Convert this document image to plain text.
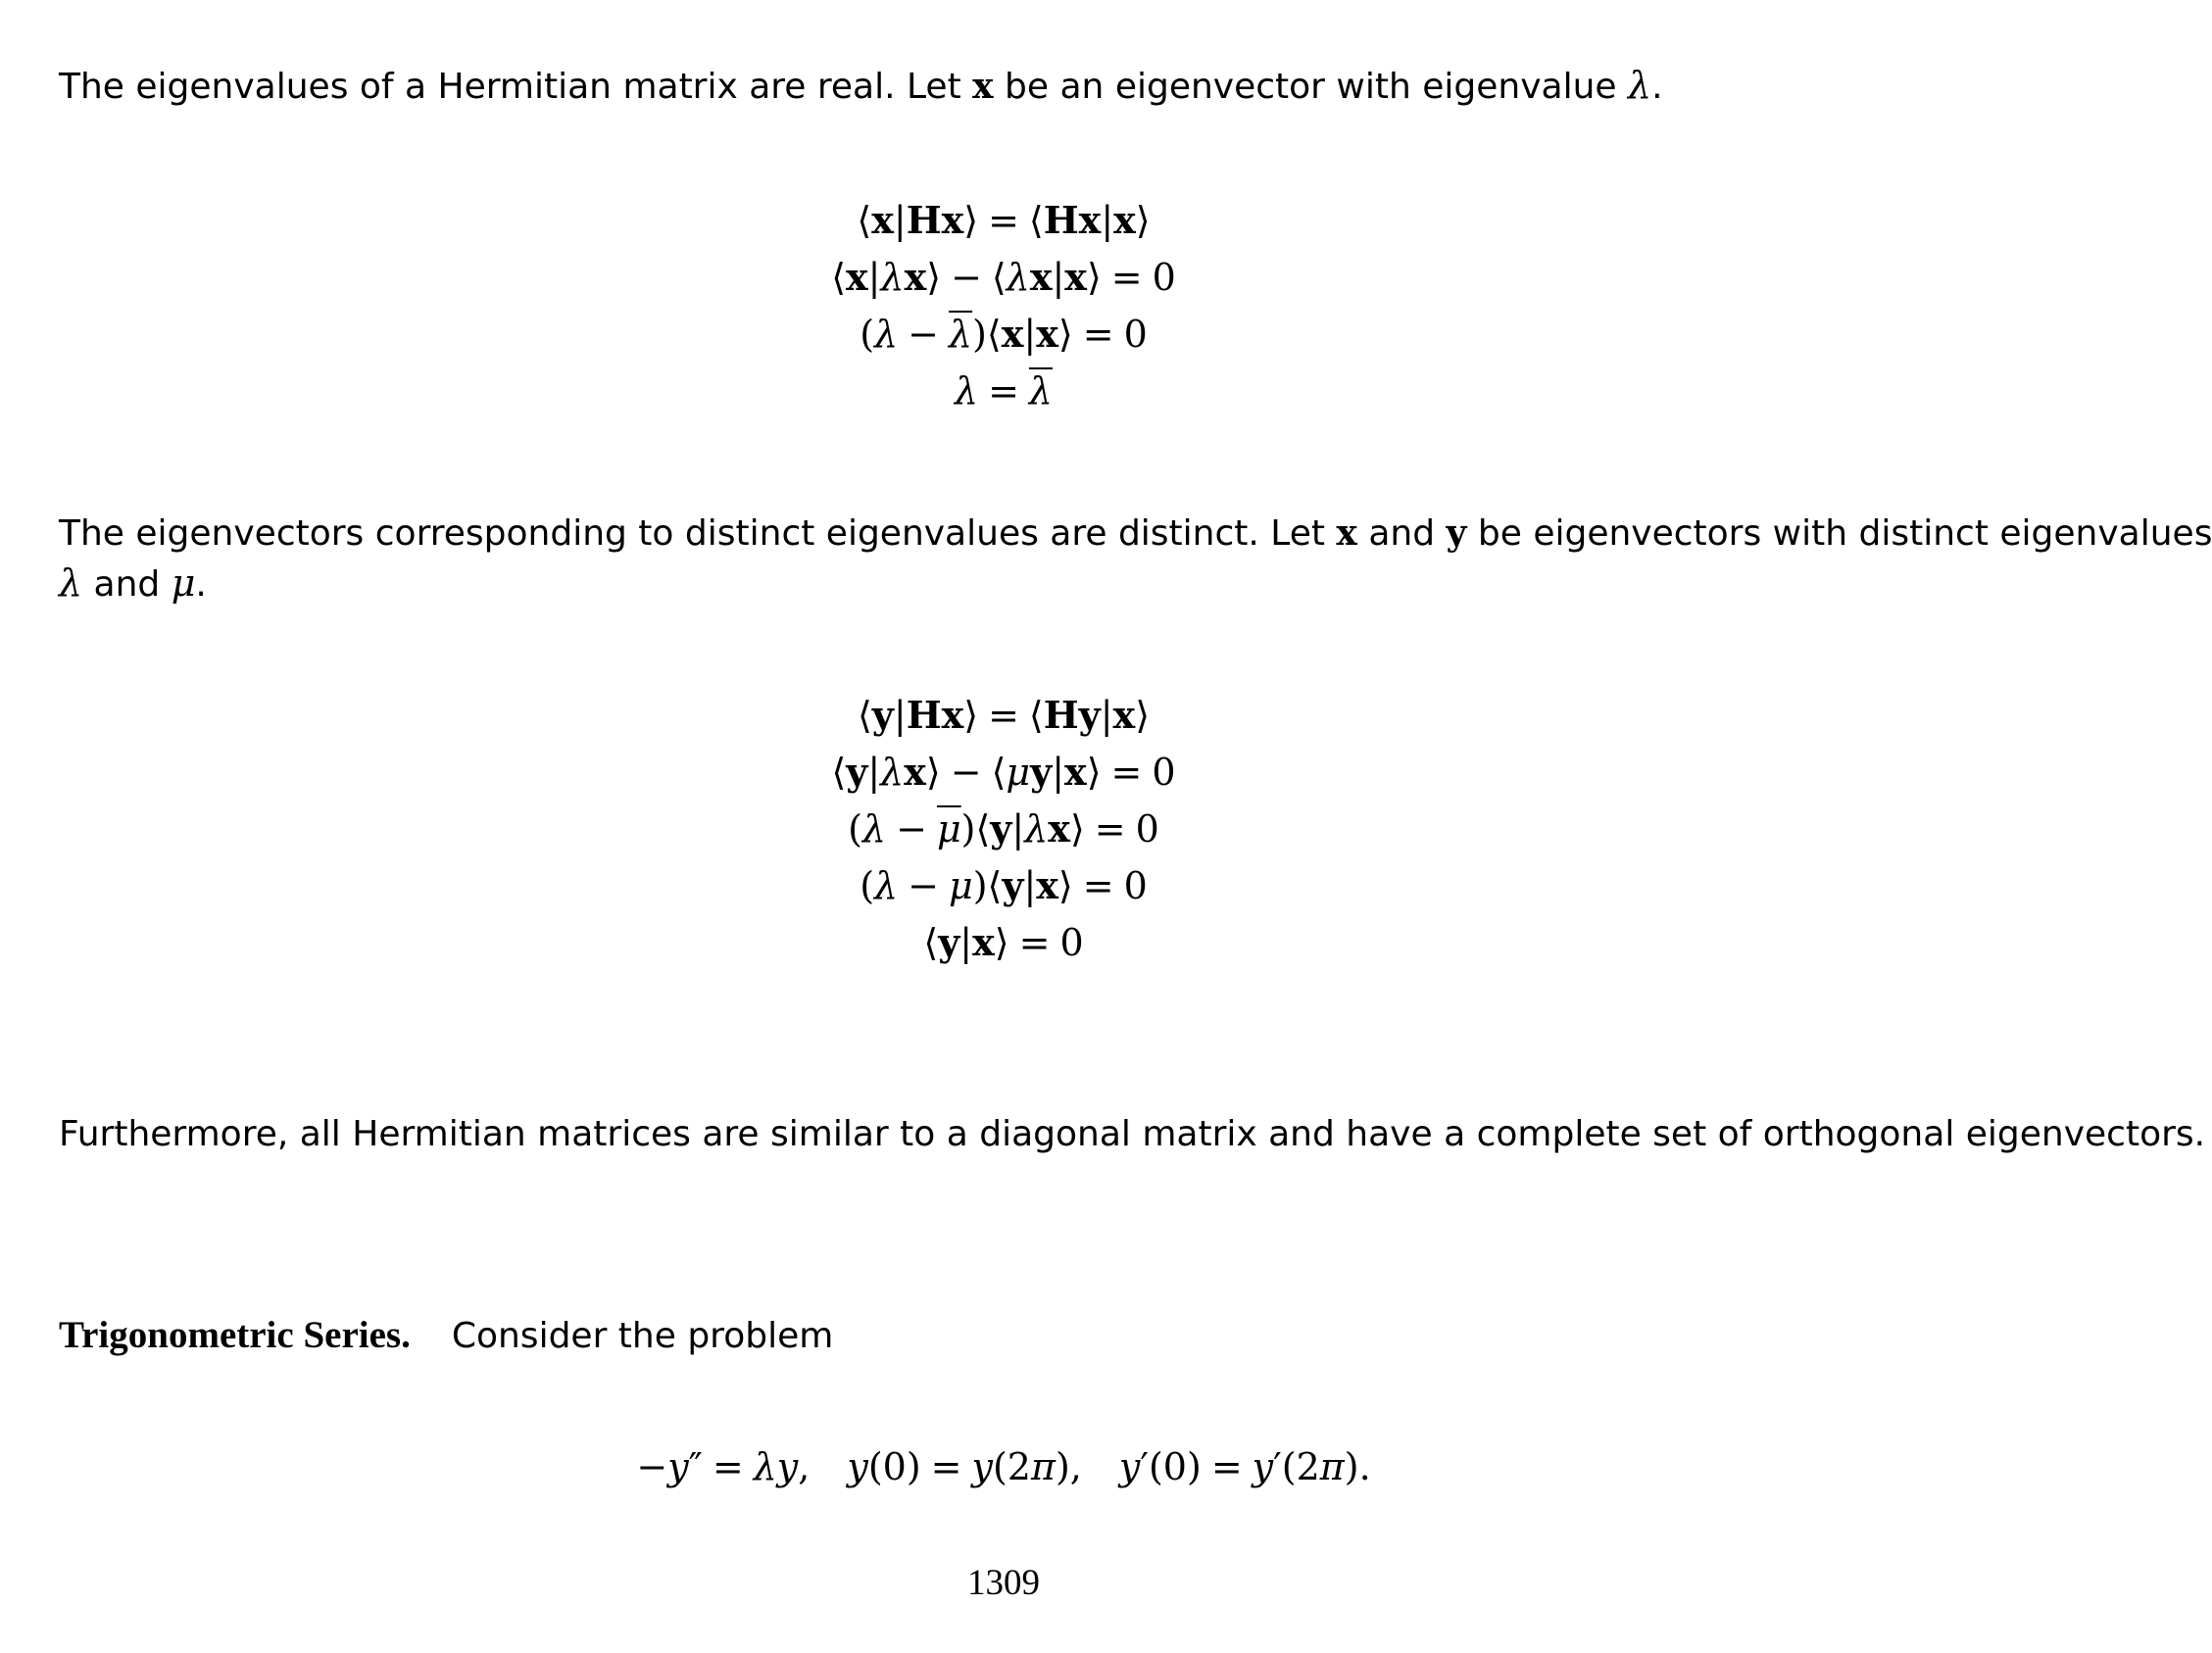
The eigenvalues of a Hermitian matrix are real. Let x be an eigenvector with eigenvalue λ.

⟨x|Hx⟩ = ⟨Hx|x⟩
⟨x|λx⟩ − ⟨λx|x⟩ = 0
$(\lambda - \overline{\lambda})⟨x|x⟩ = 0$
$\lambda = \overline{\lambda}$

The eigenvectors corresponding to distinct eigenvalues are distinct. Let x and y be eigenvectors with distinct eigenvalues
λ and μ.

⟨y|Hx⟩ = ⟨Hy|x⟩
⟨y|λx⟩ − ⟨μy|x⟩ = 0
$(\lambda - \overline{\mu})⟨y|\lambda x⟩ = 0$
(λ − μ)⟨y|x⟩ = 0
⟨y|x⟩ = 0

Furthermore, all Hermitian matrices are similar to a diagonal matrix and have a complete set of orthogonal eigenvectors.

Trigonometric Series. Consider the problem

−y″ = λy, y(0) = y(2π), y′(0) = y′(2π).
1309
